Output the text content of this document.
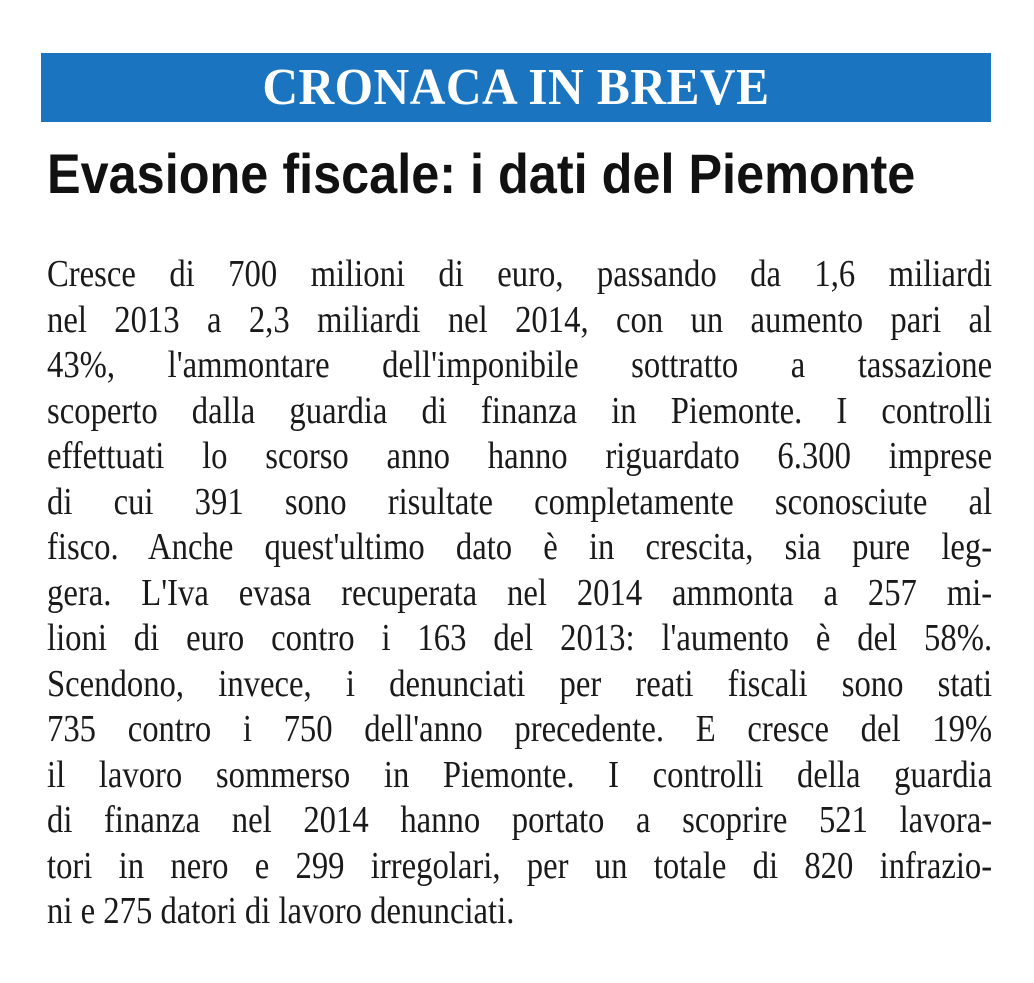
CRONACA IN BREVE
Evasione fiscale: i dati del Piemonte
Cresce di 700 milioni di euro, passando da 1,6 miliardi
nel 2013 a 2,3 miliardi nel 2014, con un aumento pari al
43%, l'ammontare dell'imponibile sottratto a tassazione
scoperto dalla guardia di finanza in Piemonte. I controlli
effettuati lo scorso anno hanno riguardato 6.300 imprese
di cui 391 sono risultate completamente sconosciute al
fisco. Anche quest'ultimo dato è in crescita, sia pure leg-
gera. L'Iva evasa recuperata nel 2014 ammonta a 257 mi-
lioni di euro contro i 163 del 2013: l'aumento è del 58%.
Scendono, invece, i denunciati per reati fiscali sono stati
735 contro i 750 dell'anno precedente. E cresce del 19%
il lavoro sommerso in Piemonte. I controlli della guardia
di finanza nel 2014 hanno portato a scoprire 521 lavora-
tori in nero e 299 irregolari, per un totale di 820 infrazio-
ni e 275 datori di lavoro denunciati.
